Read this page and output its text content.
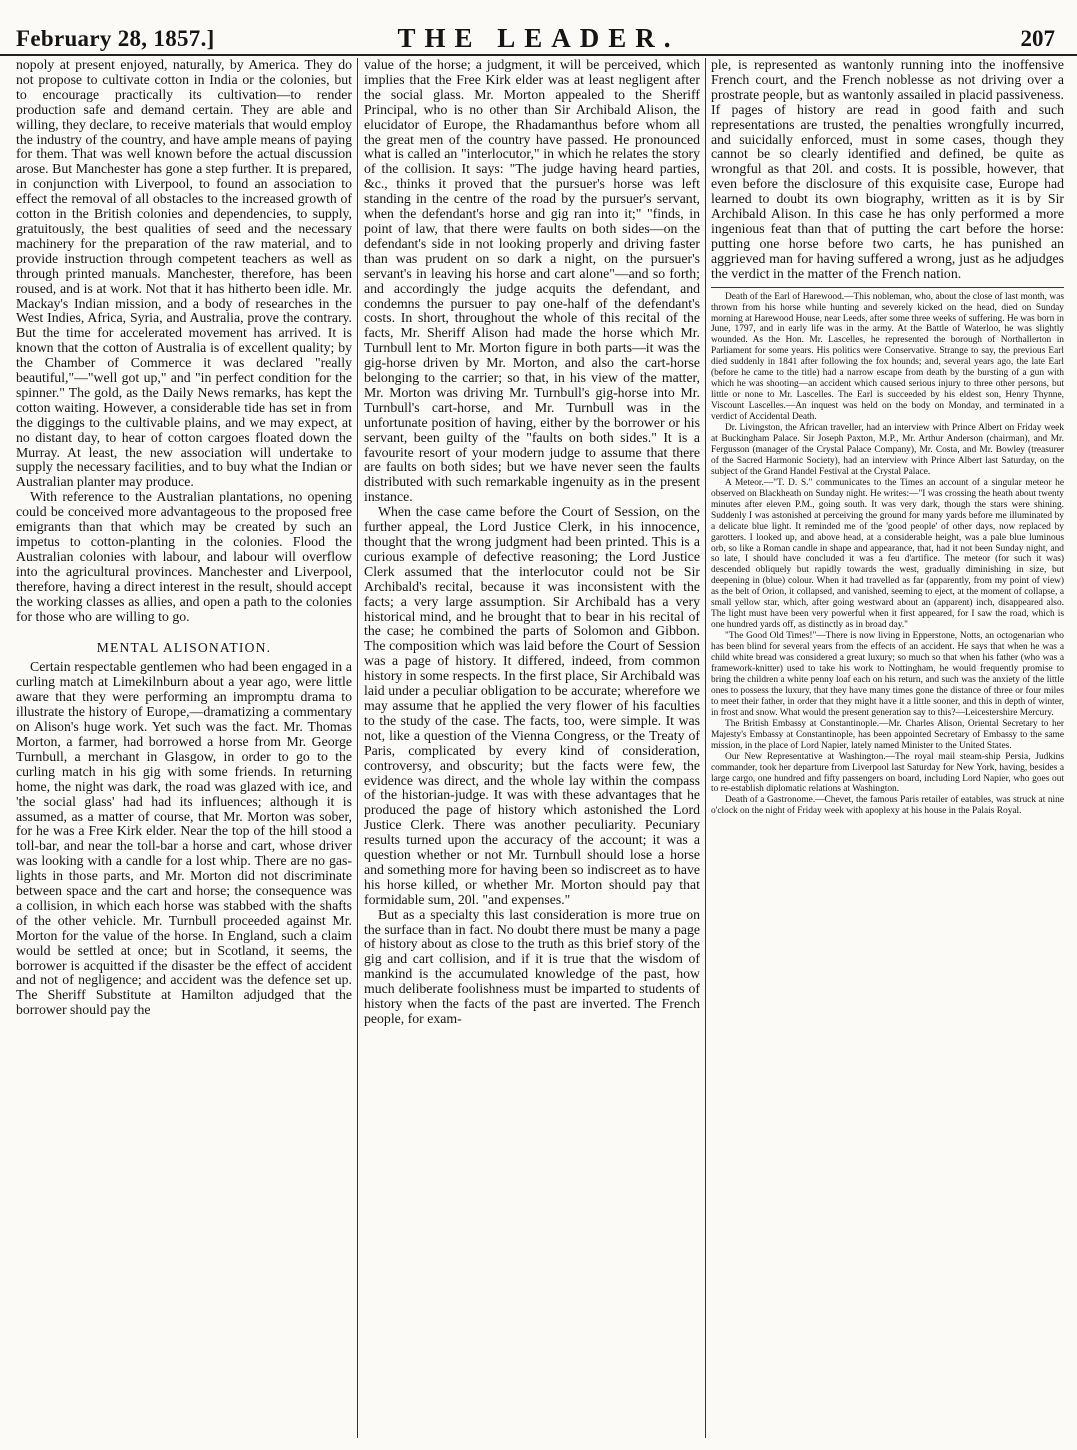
February 28, 1857.]	THE LEADER.	207

nopoly at present enjoyed, naturally, by America. They do not propose to cultivate cotton in India or the colonies, but to encourage practically its cultivation—to render production safe and demand certain. They are able and willing, they declare, to receive materials that would employ the industry of the country, and have ample means of paying for them. That was well known before the actual discussion arose. But Manchester has gone a step further. It is prepared, in conjunction with Liverpool, to found an association to effect the removal of all obstacles to the increased growth of cotton in the British colonies and dependencies, to supply, gratuitously, the best qualities of seed and the necessary machinery for the preparation of the raw material, and to provide instruction through competent teachers as well as through printed manuals. Manchester, therefore, has been roused, and is at work. Not that it has hitherto been idle. Mr. Mackay's Indian mission, and a body of researches in the West Indies, Africa, Syria, and Australia, prove the contrary. But the time for accelerated movement has arrived. It is known that the cotton of Australia is of excellent quality; by the Chamber of Commerce it was declared "really beautiful,"—"well got up," and "in perfect condition for the spinner." The gold, as the Daily News remarks, has kept the cotton waiting. However, a considerable tide has set in from the diggings to the cultivable plains, and we may expect, at no distant day, to hear of cotton cargoes floated down the Murray. At least, the new association will undertake to supply the necessary facilities, and to buy what the Indian or Australian planter may produce.

With reference to the Australian plantations, no opening could be conceived more advantageous to the proposed free emigrants than that which may be created by such an impetus to cotton-planting in the colonies. Flood the Australian colonies with labour, and labour will overflow into the agricultural provinces. Manchester and Liverpool, therefore, having a direct interest in the result, should accept the working classes as allies, and open a path to the colonies for those who are willing to go.

MENTAL ALISONATION.

Certain respectable gentlemen who had been engaged in a curling match at Limekilnburn about a year ago, were little aware that they were performing an impromptu drama to illustrate the history of Europe,—dramatizing a commentary on Alison's huge work. Yet such was the fact. Mr. Thomas Morton, a farmer, had borrowed a horse from Mr. George Turnbull, a merchant in Glasgow, in order to go to the curling match in his gig with some friends. In returning home, the night was dark, the road was glazed with ice, and 'the social glass' had had its influences; although it is assumed, as a matter of course, that Mr. Morton was sober, for he was a Free Kirk elder. Near the top of the hill stood a toll-bar, and near the toll-bar a horse and cart, whose driver was looking with a candle for a lost whip. There are no gas-lights in those parts, and Mr. Morton did not discriminate between space and the cart and horse; the consequence was a collision, in which each horse was stabbed with the shafts of the other vehicle. Mr. Turnbull proceeded against Mr. Morton for the value of the horse. In England, such a claim would be settled at once; but in Scotland, it seems, the borrower is acquitted if the disaster be the effect of accident and not of negligence; and accident was the defence set up. The Sheriff Substitute at Hamilton adjudged that the borrower should pay the

value of the horse; a judgment, it will be perceived, which implies that the Free Kirk elder was at least negligent after the social glass. Mr. Morton appealed to the Sheriff Principal, who is no other than Sir Archibald Alison, the elucidator of Europe, the Rhadamanthus before whom all the great men of the country have passed. He pronounced what is called an "interlocutor," in which he relates the story of the collision. It says: "The judge having heard parties, &c., thinks it proved that the pursuer's horse was left standing in the centre of the road by the pursuer's servant, when the defendant's horse and gig ran into it;" "finds, in point of law, that there were faults on both sides—on the defendant's side in not looking properly and driving faster than was prudent on so dark a night, on the pursuer's servant's in leaving his horse and cart alone"—and so forth; and accordingly the judge acquits the defendant, and condemns the pursuer to pay one-half of the defendant's costs. In short, throughout the whole of this recital of the facts, Mr. Sheriff Alison had made the horse which Mr. Turnbull lent to Mr. Morton figure in both parts—it was the gig-horse driven by Mr. Morton, and also the cart-horse belonging to the carrier; so that, in his view of the matter, Mr. Morton was driving Mr. Turnbull's gig-horse into Mr. Turnbull's cart-horse, and Mr. Turnbull was in the unfortunate position of having, either by the borrower or his servant, been guilty of the "faults on both sides." It is a favourite resort of your modern judge to assume that there are faults on both sides; but we have never seen the faults distributed with such remarkable ingenuity as in the present instance.

When the case came before the Court of Session, on the further appeal, the Lord Justice Clerk, in his innocence, thought that the wrong judgment had been printed. This is a curious example of defective reasoning; the Lord Justice Clerk assumed that the interlocutor could not be Sir Archibald's recital, because it was inconsistent with the facts; a very large assumption. Sir Archibald has a very historical mind, and he brought that to bear in his recital of the case; he combined the parts of Solomon and Gibbon. The composition which was laid before the Court of Session was a page of history. It differed, indeed, from common history in some respects. In the first place, Sir Archibald was laid under a peculiar obligation to be accurate; wherefore we may assume that he applied the very flower of his faculties to the study of the case. The facts, too, were simple. It was not, like a question of the Vienna Congress, or the Treaty of Paris, complicated by every kind of consideration, controversy, and obscurity; but the facts were few, the evidence was direct, and the whole lay within the compass of the historian-judge. It was with these advantages that he produced the page of history which astonished the Lord Justice Clerk. There was another peculiarity. Pecuniary results turned upon the accuracy of the account; it was a question whether or not Mr. Turnbull should lose a horse and something more for having been so indiscreet as to have his horse killed, or whether Mr. Morton should pay that formidable sum, 20l. "and expenses."

But as a specialty this last consideration is more true on the surface than in fact. No doubt there must be many a page of history about as close to the truth as this brief story of the gig and cart collision, and if it is true that the wisdom of mankind is the accumulated knowledge of the past, how much deliberate foolishness must be imparted to students of history when the facts of the past are inverted. The French people, for exam-

ple, is represented as wantonly running into the inoffensive French court, and the French noblesse as not driving over a prostrate people, but as wantonly assailed in placid passiveness. If pages of history are read in good faith and such representations are trusted, the penalties wrongfully incurred, and suicidally enforced, must in some cases, though they cannot be so clearly identified and defined, be quite as wrongful as that 20l. and costs. It is possible, however, that even before the disclosure of this exquisite case, Europe had learned to doubt its own biography, written as it is by Sir Archibald Alison. In this case he has only performed a more ingenious feat than that of putting the cart before the horse: putting one horse before two carts, he has punished an aggrieved man for having suffered a wrong, just as he adjudges the verdict in the matter of the French nation.

Death of the Earl of Harewood.—This nobleman, who, about the close of last month, was thrown from his horse while hunting and severely kicked on the head, died on Sunday morning at Harewood House, near Leeds, after some three weeks of suffering. He was born in June, 1797, and in early life was in the army. At the Battle of Waterloo, he was slightly wounded. As the Hon. Mr. Lascelles, he represented the borough of Northallerton in Parliament for some years. His politics were Conservative. Strange to say, the previous Earl died suddenly in 1841 after following the fox hounds; and, several years ago, the late Earl (before he came to the title) had a narrow escape from death by the bursting of a gun with which he was shooting—an accident which caused serious injury to three other persons, but little or none to Mr. Lascelles. The Earl is succeeded by his eldest son, Henry Thynne, Viscount Lascelles.—An inquest was held on the body on Monday, and terminated in a verdict of Accidental Death.

Dr. Livingston, the African traveller, had an interview with Prince Albert on Friday week at Buckingham Palace. Sir Joseph Paxton, M.P., Mr. Arthur Anderson (chairman), and Mr. Fergusson (manager of the Crystal Palace Company), Mr. Costa, and Mr. Bowley (treasurer of the Sacred Harmonic Society), had an interview with Prince Albert last Saturday, on the subject of the Grand Handel Festival at the Crystal Palace.

A Meteor.—"T. D. S." communicates to the Times an account of a singular meteor he observed on Blackheath on Sunday night. He writes:—"I was crossing the heath about twenty minutes after eleven P.M., going south. It was very dark, though the stars were shining. Suddenly I was astonished at perceiving the ground for many yards before me illuminated by a delicate blue light. It reminded me of the 'good people' of other days, now replaced by garotters. I looked up, and above head, at a considerable height, was a pale blue luminous orb, so like a Roman candle in shape and appearance, that, had it not been Sunday night, and so late, I should have concluded it was a feu d'artifice. The meteor (for such it was) descended obliquely but rapidly towards the west, gradually diminishing in size, but deepening in (blue) colour. When it had travelled as far (apparently, from my point of view) as the belt of Orion, it collapsed, and vanished, seeming to eject, at the moment of collapse, a small yellow star, which, after going westward about an (apparent) inch, disappeared also. The light must have been very powerful when it first appeared, for I saw the road, which is one hundred yards off, as distinctly as in broad day."

"The Good Old Times!"—There is now living in Epperstone, Notts, an octogenarian who has been blind for several years from the effects of an accident. He says that when he was a child white bread was considered a great luxury; so much so that when his father (who was a framework-knitter) used to take his work to Nottingham, he would frequently promise to bring the children a white penny loaf each on his return, and such was the anxiety of the little ones to possess the luxury, that they have many times gone the distance of three or four miles to meet their father, in order that they might have it a little sooner, and this in depth of winter, in frost and snow. What would the present generation say to this?—Leicestershire Mercury.

The British Embassy at Constantinople.—Mr. Charles Alison, Oriental Secretary to her Majesty's Embassy at Constantinople, has been appointed Secretary of Embassy to the same mission, in the place of Lord Napier, lately named Minister to the United States.

Our New Representative at Washington.—The royal mail steam-ship Persia, Judkins commander, took her departure from Liverpool last Saturday for New York, having, besides a large cargo, one hundred and fifty passengers on board, including Lord Napier, who goes out to re-establish diplomatic relations at Washington.

Death of a Gastronome.—Chevet, the famous Paris retailer of eatables, was struck at nine o'clock on the night of Friday week with apoplexy at his house in the Palais Royal.
